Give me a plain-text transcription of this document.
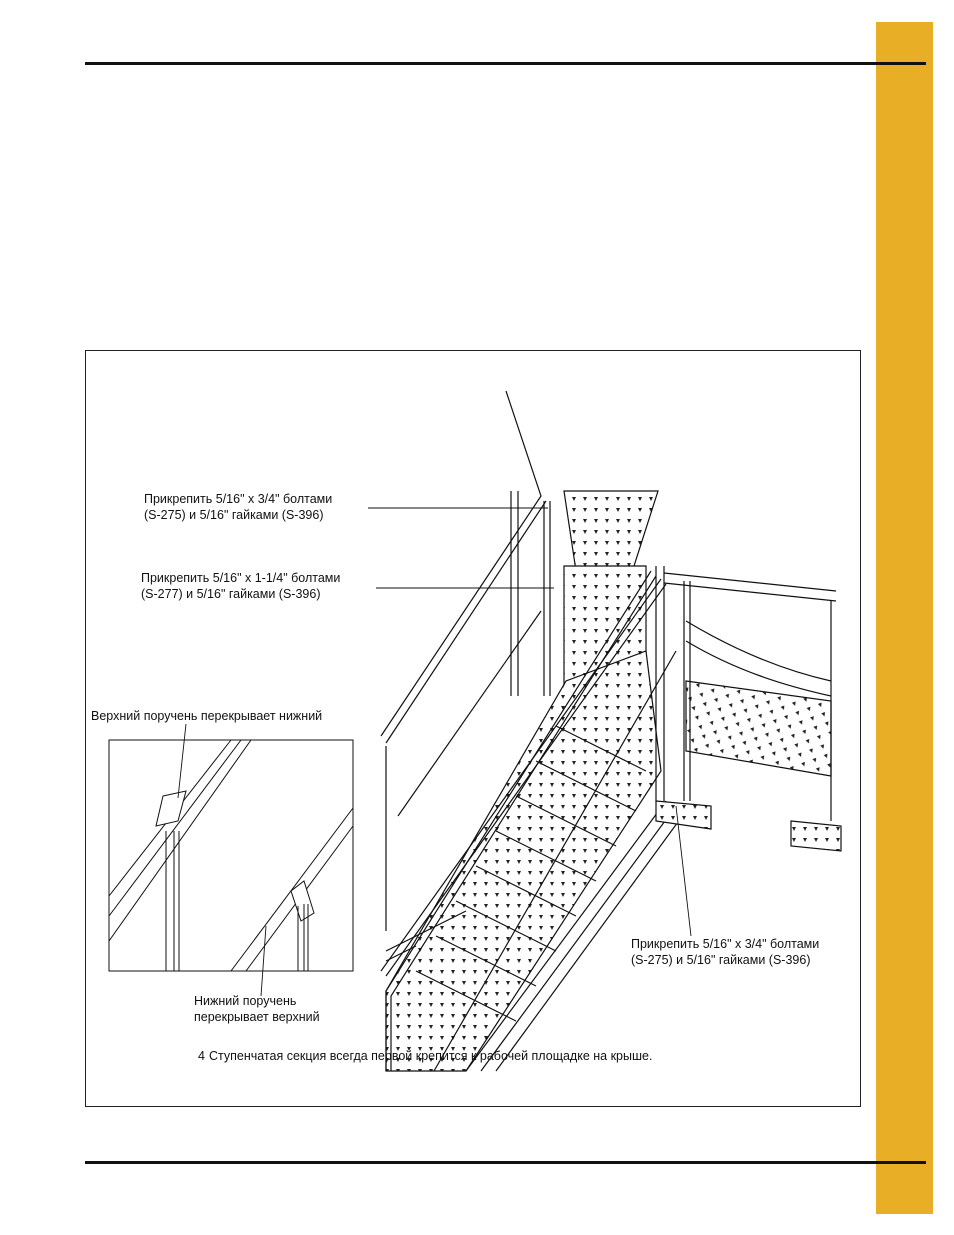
Прикрепить 5/16" x 3/4" болтами
(S-275) и 5/16" гайками (S-396)
Прикрепить 5/16" x 1-1/4" болтами
(S-277) и 5/16" гайками (S-396)
Верхний поручень перекрывает нижний
Нижний поручень
перекрывает верхний
Прикрепить 5/16" x 3/4" болтами
(S-275) и 5/16" гайками (S-396)
4 Ступенчатая секция всегда первой крепится к рабочей площадке на крыше.
